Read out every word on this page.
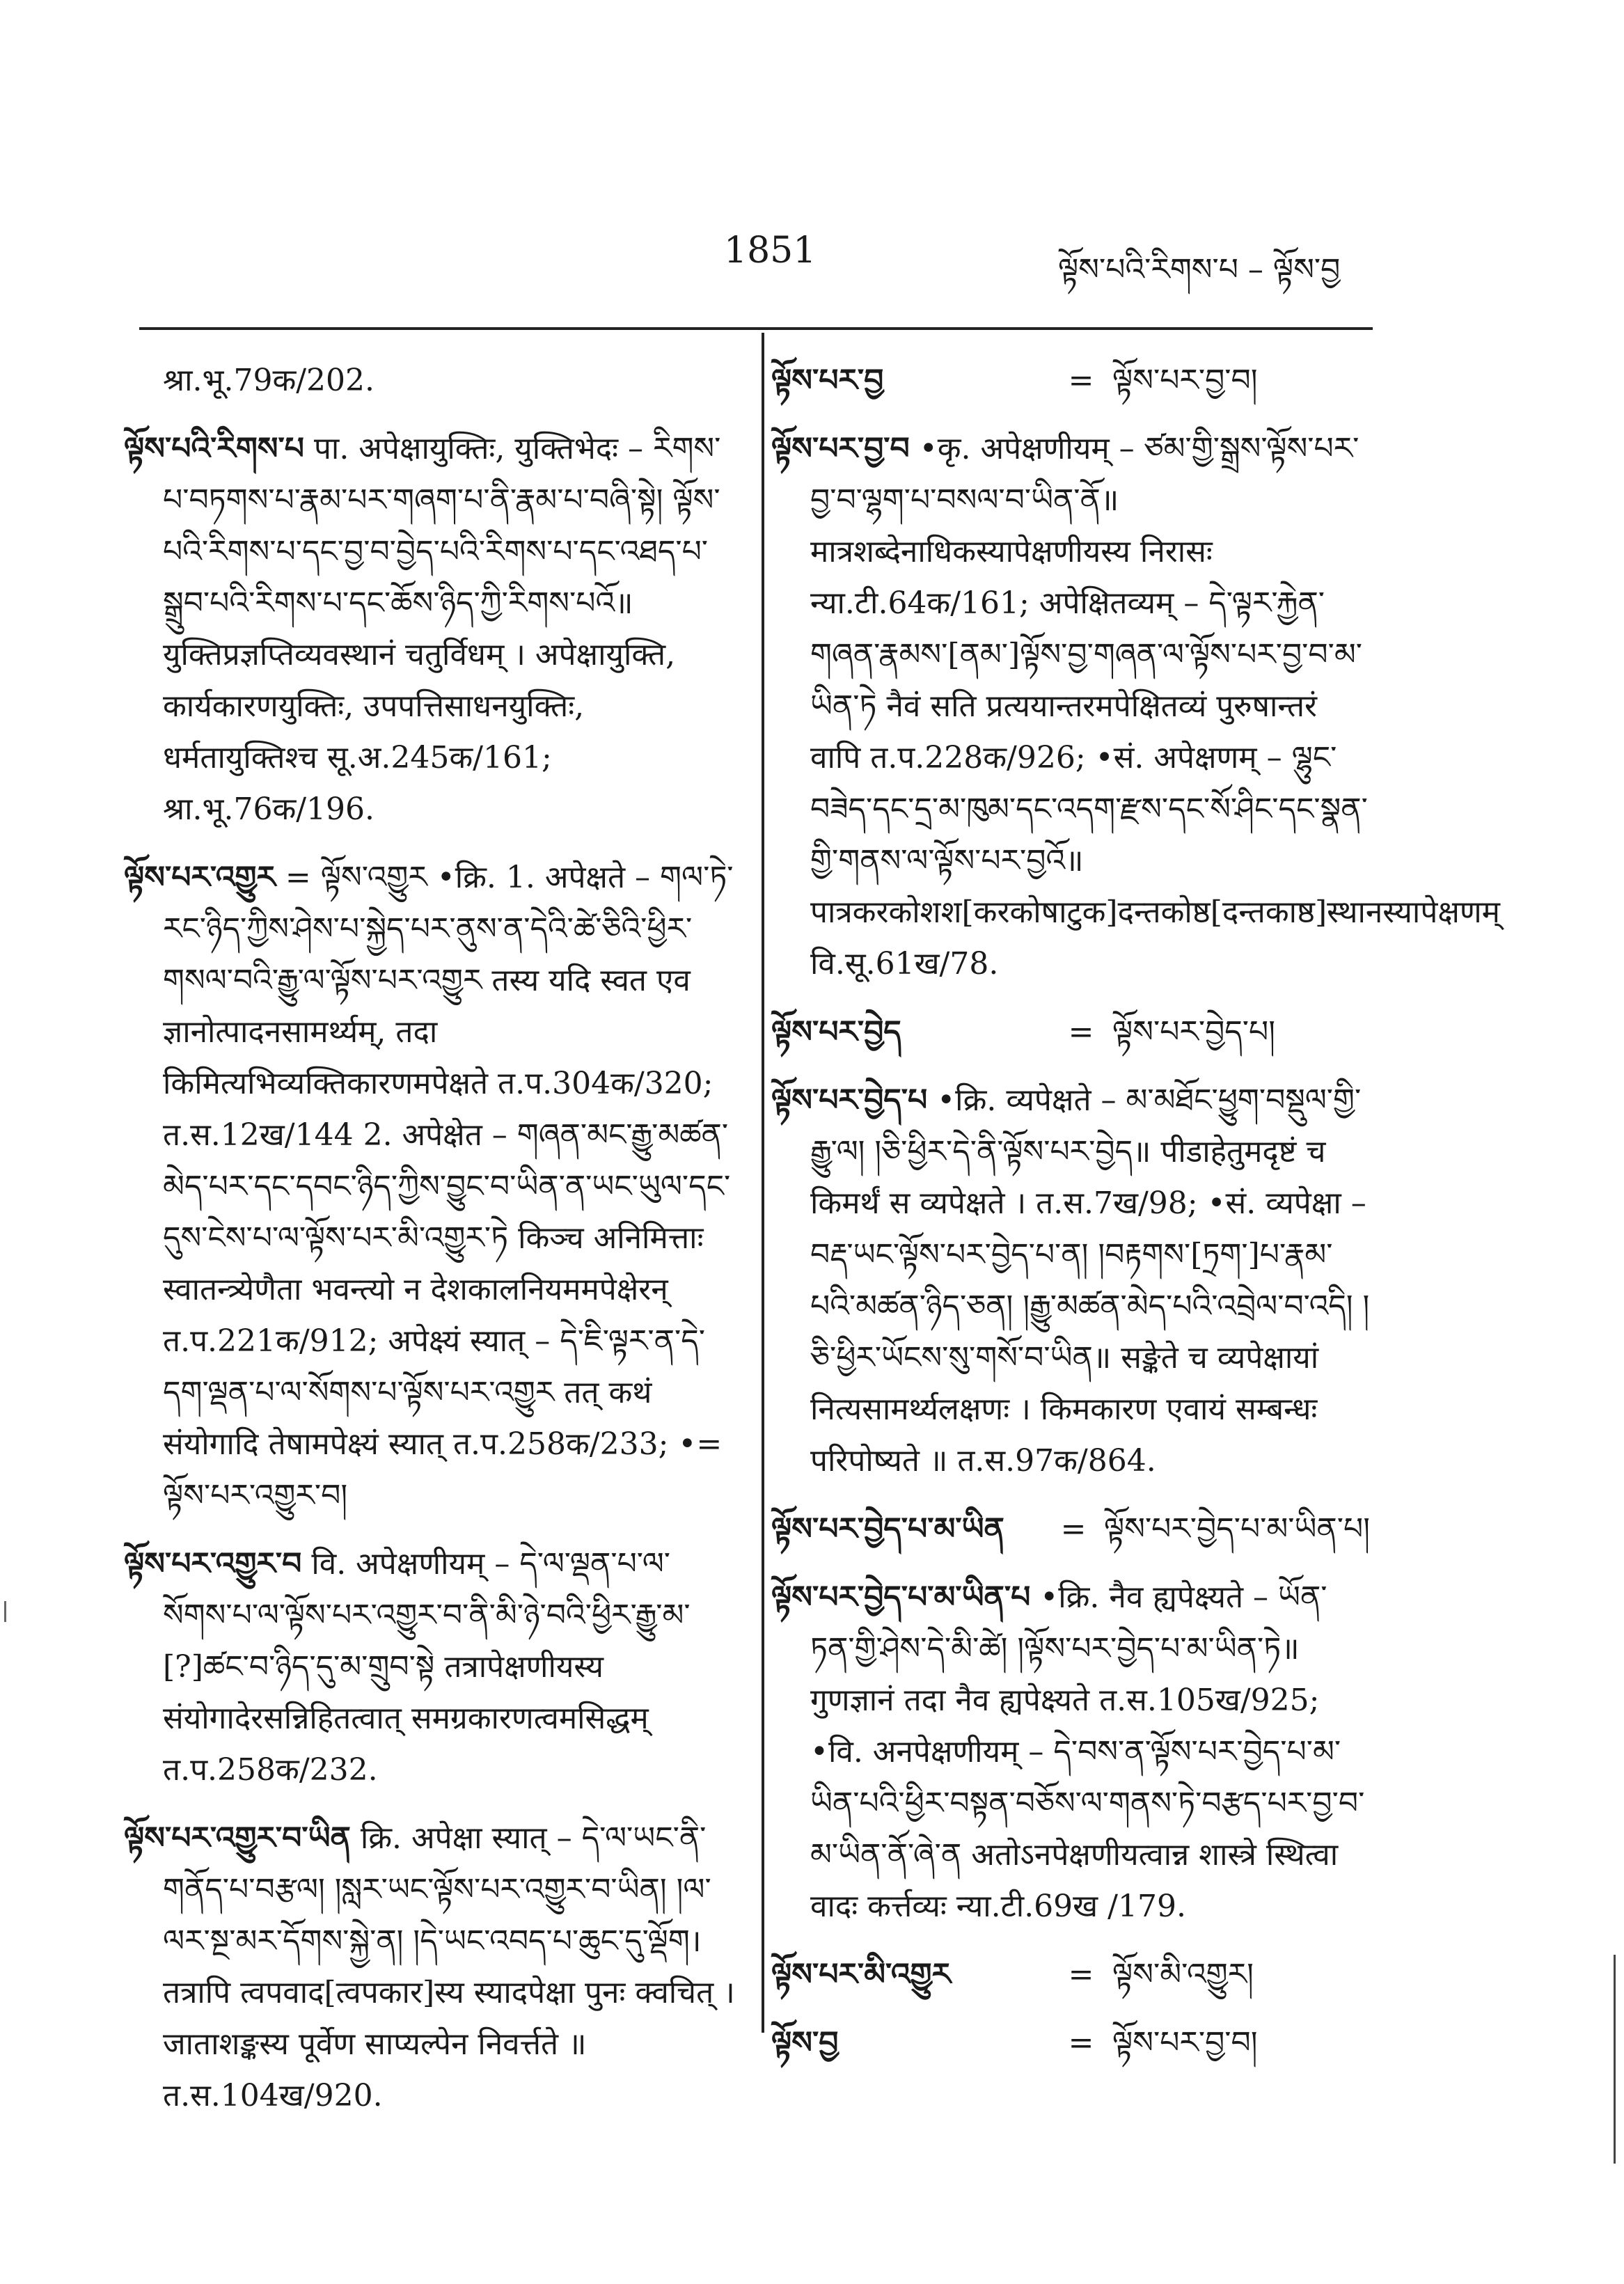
1851	ལྟོས་པའི་རིགས་པ – ལྟོས་བྱ
श्रा.भू.79क/202.
ལྟོས་པའི་རིགས་པ पा. अपेक्षायुक्तिः, युक्तिभेदः – རིགས་པ་བཏགས་པ་རྣམ་པར་གཞག་པ་ནི་རྣམ་པ་བཞི་སྟེ། ལྟོས་པའི་རིགས་པ་དང་བྱ་བ་བྱེད་པའི་རིགས་པ་དང་འཐད་པ་སྒྲུབ་པའི་རིགས་པ་དང་ཆོས་ཉིད་ཀྱི་རིགས་པའོ॥ युक्तिप्रज्ञप्तिव्यवस्थानं चतुर्विधम् । अपेक्षायुक्ति, कार्यकारणयुक्तिः, उपपत्तिसाधनयुक्तिः, धर्मतायुक्तिश्च सू.अ.245क/161; श्रा.भू.76क/196.
ལྟོས་པར་འགྱུར = ལྟོས་འགྱུར •क्रि. 1. अपेक्षते – གལ་ཏེ་རང་ཉིད་ཀྱིས་ཤེས་པ་སྐྱེད་པར་ནུས་ན་དེའི་ཚེ་ཅིའི་ཕྱིར་གསལ་བའི་རྒྱུ་ལ་ལྟོས་པར་འགྱུར तस्य यदि स्वत एव ज्ञानोत्पादनसामर्थ्यम्, तदा किमित्यभिव्यक्तिकारणमपेक्षते त.प.304क/320; त.स.12ख/144 2. अपेक्षेत – གཞན་མང་རྒྱུ་མཚན་མེད་པར་དང་དབང་ཉིད་ཀྱིས་བྱུང་བ་ཡིན་ན་ཡང་ཡུལ་དང་དུས་ངེས་པ་ལ་ལྟོས་པར་མི་འགྱུར་ཏེ किञ्च अनिमित्ताः स्वातन्त्र्येणैता भवन्त्यो न देशकालनियममपेक्षेरन् त.प.221क/912; अपेक्ष्यं स्यात् – དེ་ཇི་ལྟར་ན་དེ་དག་ལྡན་པ་ལ་སོགས་པ་ལྟོས་པར་འགྱུར तत् कथं संयोगादि तेषामपेक्ष्यं स्यात् त.प.258क/233; •= ལྟོས་པར་འགྱུར་བ།
ལྟོས་པར་འགྱུར་བ वि. अपेक्षणीयम् – དེ་ལ་ལྡན་པ་ལ་སོགས་པ་ལ་ལྟོས་པར་འགྱུར་བ་ནི་མི་ཉེ་བའི་ཕྱིར་རྒྱུ་མ་[?]ཚང་བ་ཉིད་དུ་མ་གྲུབ་སྟེ तत्रापेक्षणीयस्य संयोगादेरसन्निहितत्वात् समग्रकारणत्वमसिद्धम् त.प.258क/232.
ལྟོས་པར་འགྱུར་བ་ཡིན क्रि. अपेक्षा स्यात् – དེ་ལ་ཡང་ནི་གནོད་པ་བརྩལ། །སླར་ཡང་ལྟོས་པར་འགྱུར་བ་ཡིན། །ལ་ལར་སྔ་མར་དོགས་སྐྱེ་ན། །དེ་ཡང་འབད་པ་ཆུང་དུ་ལྡོག। तत्रापि त्वपवाद[त्वपकार]स्य स्यादपेक्षा पुनः क्वचित् । जाताशङ्कस्य पूर्वेण साप्यल्पेन निवर्त्तते ॥ त.स.104ख/920.
ལྟོས་པར་བྱ	= ལྟོས་པར་བྱ་བ།
ལྟོས་པར་བྱ་བ •कृ. अपेक्षणीयम् – ཙམ་གྱི་སྒྲས་ལྟོས་པར་བྱ་བ་ལྷག་པ་བསལ་བ་ཡིན་ནོ॥ मात्रशब्देनाधिकस्यापेक्षणीयस्य निरासः न्या.टी.64क/161; अपेक्षितव्यम् – དེ་ལྟར་རྐྱེན་གཞན་རྣམས་[ནམ་]ལྟོས་བྱ་གཞན་ལ་ལྟོས་པར་བྱ་བ་མ་ཡིན་ཏེ नैवं सति प्रत्ययान्तरमपेक्षितव्यं पुरुषान्तरं वापि त.प.228क/926; •सं. अपेक्षणम् – ལྷུང་བཟེད་དང་དྲ་མ་ཁུམ་དང་འདག་རྫས་དང་སོ་ཤིང་དང་སྣན་གྱི་གནས་ལ་ལྟོས་པར་བྱའོ॥ पात्रकरकोशश[करकोषाटुक]दन्तकोष्ठ[दन्तकाष्ठ]स्थानस्यापेक्षणम् वि.सू.61ख/78.
ལྟོས་པར་བྱེད	= ལྟོས་པར་བྱེད་པ།
ལྟོས་པར་བྱེད་པ •क्रि. व्यपेक्षते – མ་མཐོང་ཕྱུག་བསྡུལ་གྱི་རྒྱུ་ལ། །ཅི་ཕྱིར་དེ་ནི་ལྟོས་པར་བྱེད॥ पीडाहेतुमदृष्टं च किमर्थं स व्यपेक्षते । त.स.7ख/98; •सं. व्यपेक्षा – བརྡ་ཡང་ལྟོས་པར་བྱེད་པ་ན། །བརྟགས་[ཏྲག་]པ་རྣམ་པའི་མཚན་ཉིད་ཅན། །རྒྱུ་མཚན་མེད་པའི་འབྲེལ་བ་འདི། །ཅི་ཕྱིར་ཡོངས་སུ་གསོ་བ་ཡིན॥ सङ्केते च व्यपेक्षायां नित्यसामर्थ्यलक्षणः । किमकारण एवायं सम्बन्धः परिपोष्यते ॥ त.स.97क/864.
ལྟོས་པར་བྱེད་པ་མ་ཡིན	= ལྟོས་པར་བྱེད་པ་མ་ཡིན་པ།
ལྟོས་པར་བྱེད་པ་མ་ཡིན་པ •क्रि. नैव ह्यपेक्ष्यते – ཡོན་ཏན་གྱི་ཤེས་དེ་མི་ཚེ། །ལྟོས་པར་བྱེད་པ་མ་ཡིན་ཏེ॥ गुणज्ञानं तदा नैव ह्यपेक्ष्यते त.स.105ख/925; •वि. अनपेक्षणीयम् – དེ་བས་ན་ལྟོས་པར་བྱེད་པ་མ་ཡིན་པའི་ཕྱིར་བསྟན་བཅོས་ལ་གནས་ཏེ་བརྩད་པར་བྱ་བ་མ་ཡིན་ནོ་ཞེ་ན अतोऽनपेक्षणीयत्वान्न शास्त्रे स्थित्वा वादः कर्त्तव्यः न्या.टी.69ख /179.
ལྟོས་པར་མི་འགྱུར	= ལྟོས་མི་འགྱུར།
ལྟོས་བྱ	= ལྟོས་པར་བྱ་བ།
